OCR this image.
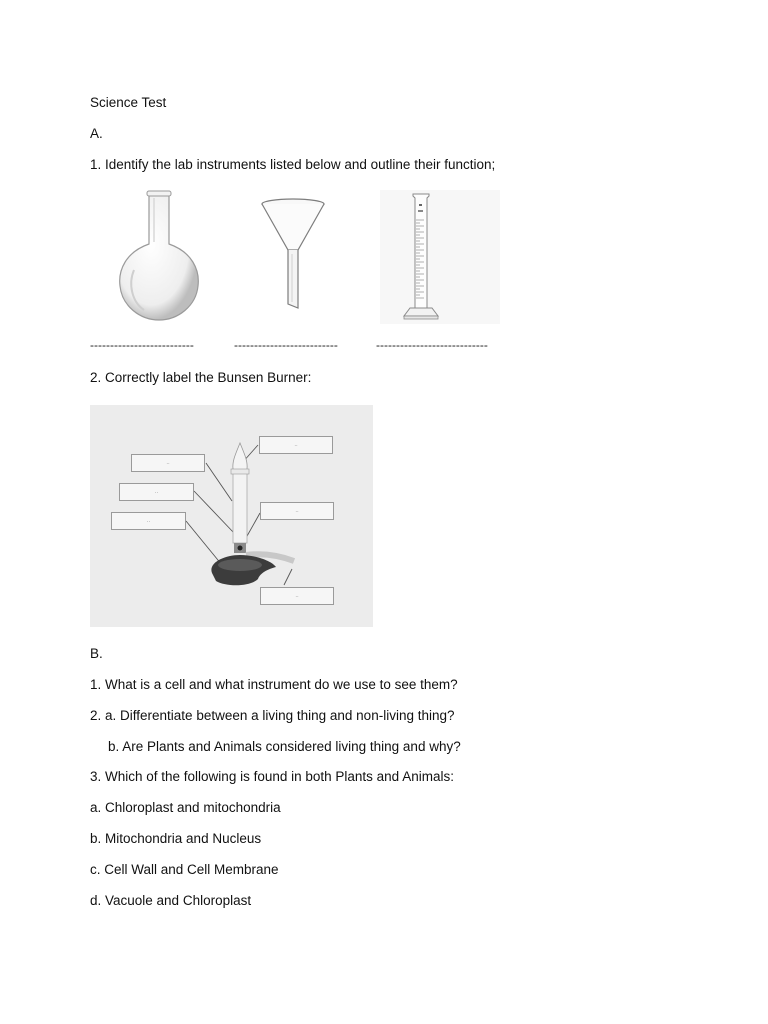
Science Test
A.
1. Identify the lab instruments listed below and outline their function;
--------------------------	--------------------------	----------------------------
2. Correctly label the Bunsen Burner:
..
..
..
..
..
..
B.
1. What is a cell and what instrument do we use to see them?
2. a. Differentiate between a living thing and non-living thing?
b. Are Plants and Animals considered living thing and why?
3. Which of the following is found in both Plants and Animals:
a. Chloroplast and mitochondria
b. Mitochondria and Nucleus
c. Cell Wall and Cell Membrane
d. Vacuole and Chloroplast
